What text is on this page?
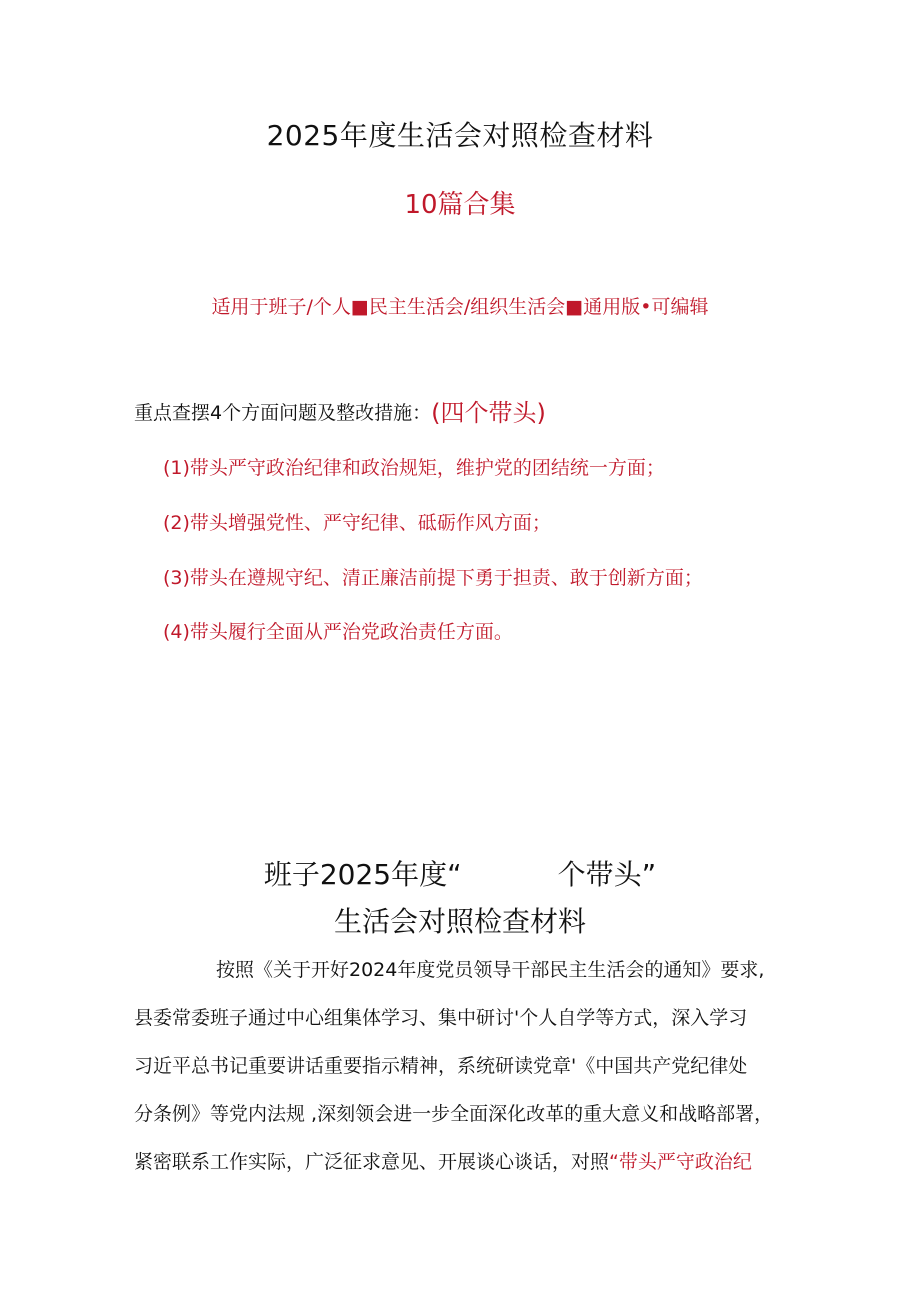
2025年度生活会对照检查材料
10篇合集
适用于班子/个人■民主生活会/组织生活会■通用版•可编辑
重点查摆4个方面问题及整改措施：(四个带头)
(1)带头严守政治纪律和政治规矩，维护党的团结统一方面；
(2)带头增强党性、严守纪律、砥砺作风方面；
(3)带头在遵规守纪、清正廉洁前提下勇于担责、敢于创新方面；
(4)带头履行全面从严治党政治责任方面。
班子2025年度“	个带头”
生活会对照检查材料
按照《关于开好2024年度党员领导干部民主生活会的通知》要求,
县委常委班子通过中心组集体学习、集中研讨'个人自学等方式，深入学习
习近平总书记重要讲话重要指示精神，系统研读党章'《中国共产党纪律处
分条例》等党内法规 ,深刻领会进一步全面深化改革的重大意义和战略部署，
紧密联系工作实际，广泛征求意见、开展谈心谈话，对照“带头严守政治纪
